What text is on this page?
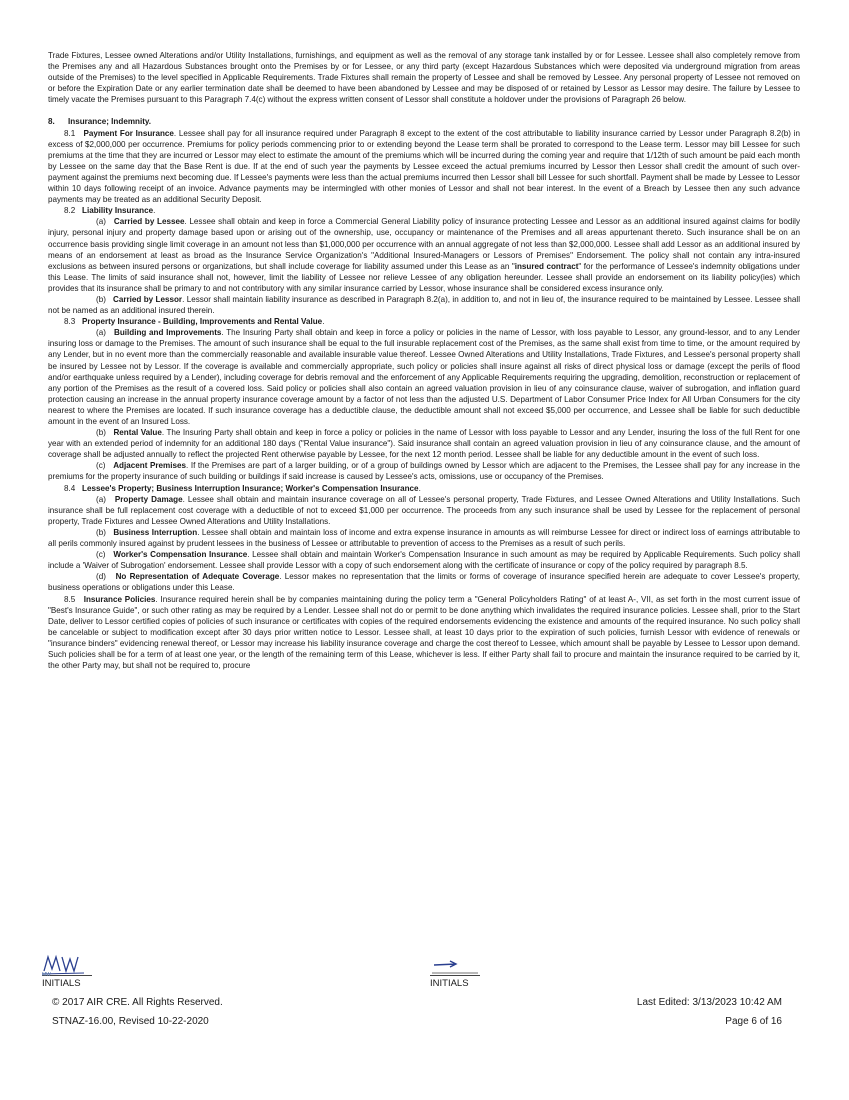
Trade Fixtures, Lessee owned Alterations and/or Utility Installations, furnishings, and equipment as well as the removal of any storage tank installed by or for Lessee. Lessee shall also completely remove from the Premises any and all Hazardous Substances brought onto the Premises by or for Lessee, or any third party (except Hazardous Substances which were deposited via underground migration from areas outside of the Premises) to the level specified in Applicable Requirements. Trade Fixtures shall remain the property of Lessee and shall be removed by Lessee. Any personal property of Lessee not removed on or before the Expiration Date or any earlier termination date shall be deemed to have been abandoned by Lessee and may be disposed of or retained by Lessor as Lessor may desire. The failure by Lessee to timely vacate the Premises pursuant to this Paragraph 7.4(c) without the express written consent of Lessor shall constitute a holdover under the provisions of Paragraph 26 below.

8. Insurance; Indemnity.

8.1 Payment For Insurance. Lessee shall pay for all insurance required under Paragraph 8 except to the extent of the cost attributable to liability insurance carried by Lessor under Paragraph 8.2(b) in excess of $2,000,000 per occurrence. Premiums for policy periods commencing prior to or extending beyond the Lease term shall be prorated to correspond to the Lease term. Lessor may bill Lessee for such premiums at the time that they are incurred or Lessor may elect to estimate the amount of the premiums which will be incurred during the coming year and require that 1/12th of such amount be paid each month by Lessee on the same day that the Base Rent is due. If at the end of such year the payments by Lessee exceed the actual premiums incurred by Lessor then Lessor shall credit the amount of such over-payment against the premiums next becoming due. If Lessee's payments were less than the actual premiums incurred then Lessor shall bill Lessee for such shortfall. Payment shall be made by Lessee to Lessor within 10 days following receipt of an invoice. Advance payments may be intermingled with other monies of Lessor and shall not bear interest. In the event of a Breach by Lessee then any such advance payments may be treated as an additional Security Deposit.

8.2 Liability Insurance.

(a) Carried by Lessee. Lessee shall obtain and keep in force a Commercial General Liability policy of insurance protecting Lessee and Lessor as an additional insured against claims for bodily injury, personal injury and property damage based upon or arising out of the ownership, use, occupancy or maintenance of the Premises and all areas appurtenant thereto. Such insurance shall be on an occurrence basis providing single limit coverage in an amount not less than $1,000,000 per occurrence with an annual aggregate of not less than $2,000,000. Lessee shall add Lessor as an additional insured by means of an endorsement at least as broad as the Insurance Service Organization's "Additional Insured-Managers or Lessors of Premises" Endorsement. The policy shall not contain any intra-insured exclusions as between insured persons or organizations, but shall include coverage for liability assumed under this Lease as an "insured contract" for the performance of Lessee's indemnity obligations under this Lease. The limits of said insurance shall not, however, limit the liability of Lessee nor relieve Lessee of any obligation hereunder. Lessee shall provide an endorsement on its liability policy(ies) which provides that its insurance shall be primary to and not contributory with any similar insurance carried by Lessor, whose insurance shall be considered excess insurance only.

(b) Carried by Lessor. Lessor shall maintain liability insurance as described in Paragraph 8.2(a), in addition to, and not in lieu of, the insurance required to be maintained by Lessee. Lessee shall not be named as an additional insured therein.

8.3 Property Insurance - Building, Improvements and Rental Value.

(a) Building and Improvements. The Insuring Party shall obtain and keep in force a policy or policies in the name of Lessor, with loss payable to Lessor, any ground-lessor, and to any Lender insuring loss or damage to the Premises. The amount of such insurance shall be equal to the full insurable replacement cost of the Premises, as the same shall exist from time to time, or the amount required by any Lender, but in no event more than the commercially reasonable and available insurable value thereof. Lessee Owned Alterations and Utility Installations, Trade Fixtures, and Lessee's personal property shall be insured by Lessee not by Lessor. If the coverage is available and commercially appropriate, such policy or policies shall insure against all risks of direct physical loss or damage (except the perils of flood and/or earthquake unless required by a Lender), including coverage for debris removal and the enforcement of any Applicable Requirements requiring the upgrading, demolition, reconstruction or replacement of any portion of the Premises as the result of a covered loss. Said policy or policies shall also contain an agreed valuation provision in lieu of any coinsurance clause, waiver of subrogation, and inflation guard protection causing an increase in the annual property insurance coverage amount by a factor of not less than the adjusted U.S. Department of Labor Consumer Price Index for All Urban Consumers for the city nearest to where the Premises are located. If such insurance coverage has a deductible clause, the deductible amount shall not exceed $5,000 per occurrence, and Lessee shall be liable for such deductible amount in the event of an Insured Loss.

(b) Rental Value. The Insuring Party shall obtain and keep in force a policy or policies in the name of Lessor with loss payable to Lessor and any Lender, insuring the loss of the full Rent for one year with an extended period of indemnity for an additional 180 days ("Rental Value insurance"). Said insurance shall contain an agreed valuation provision in lieu of any coinsurance clause, and the amount of coverage shall be adjusted annually to reflect the projected Rent otherwise payable by Lessee, for the next 12 month period. Lessee shall be liable for any deductible amount in the event of such loss.

(c) Adjacent Premises. If the Premises are part of a larger building, or of a group of buildings owned by Lessor which are adjacent to the Premises, the Lessee shall pay for any increase in the premiums for the property insurance of such building or buildings if said increase is caused by Lessee's acts, omissions, use or occupancy of the Premises.

8.4 Lessee's Property; Business Interruption Insurance; Worker's Compensation Insurance.

(a) Property Damage. Lessee shall obtain and maintain insurance coverage on all of Lessee's personal property, Trade Fixtures, and Lessee Owned Alterations and Utility Installations. Such insurance shall be full replacement cost coverage with a deductible of not to exceed $1,000 per occurrence. The proceeds from any such insurance shall be used by Lessee for the replacement of personal property, Trade Fixtures and Lessee Owned Alterations and Utility Installations.

(b) Business Interruption. Lessee shall obtain and maintain loss of income and extra expense insurance in amounts as will reimburse Lessee for direct or indirect loss of earnings attributable to all perils commonly insured against by prudent lessees in the business of Lessee or attributable to prevention of access to the Premises as a result of such perils.

(c) Worker's Compensation Insurance. Lessee shall obtain and maintain Worker's Compensation Insurance in such amount as may be required by Applicable Requirements. Such policy shall include a 'Waiver of Subrogation' endorsement. Lessee shall provide Lessor with a copy of such endorsement along with the certificate of insurance or copy of the policy required by paragraph 8.5.

(d) No Representation of Adequate Coverage. Lessor makes no representation that the limits or forms of coverage of insurance specified herein are adequate to cover Lessee's property, business operations or obligations under this Lease.

8.5 Insurance Policies. Insurance required herein shall be by companies maintaining during the policy term a "General Policyholders Rating" of at least A-, VII, as set forth in the most current issue of "Best's Insurance Guide", or such other rating as may be required by a Lender. Lessee shall not do or permit to be done anything which invalidates the required insurance policies. Lessee shall, prior to the Start Date, deliver to Lessor certified copies of policies of such insurance or certificates with copies of the required endorsements evidencing the existence and amounts of the required insurance. No such policy shall be cancelable or subject to modification except after 30 days prior written notice to Lessor. Lessee shall, at least 10 days prior to the expiration of such policies, furnish Lessor with evidence of renewals or "insurance binders" evidencing renewal thereof, or Lessor may increase his liability insurance coverage and charge the cost thereof to Lessee, which amount shall be payable by Lessee to Lessor upon demand. Such policies shall be for a term of at least one year, or the length of the remaining term of this Lease, whichever is less. If either Party shall fail to procure and maintain the insurance required to be carried by it, the other Party may, but shall not be required to, procure

MW
INITIALS	INITIALS
© 2017 AIR CRE. All Rights Reserved.
STNAZ-16.00, Revised 10-22-2020
Last Edited: 3/13/2023 10:42 AM
Page 6 of 16
